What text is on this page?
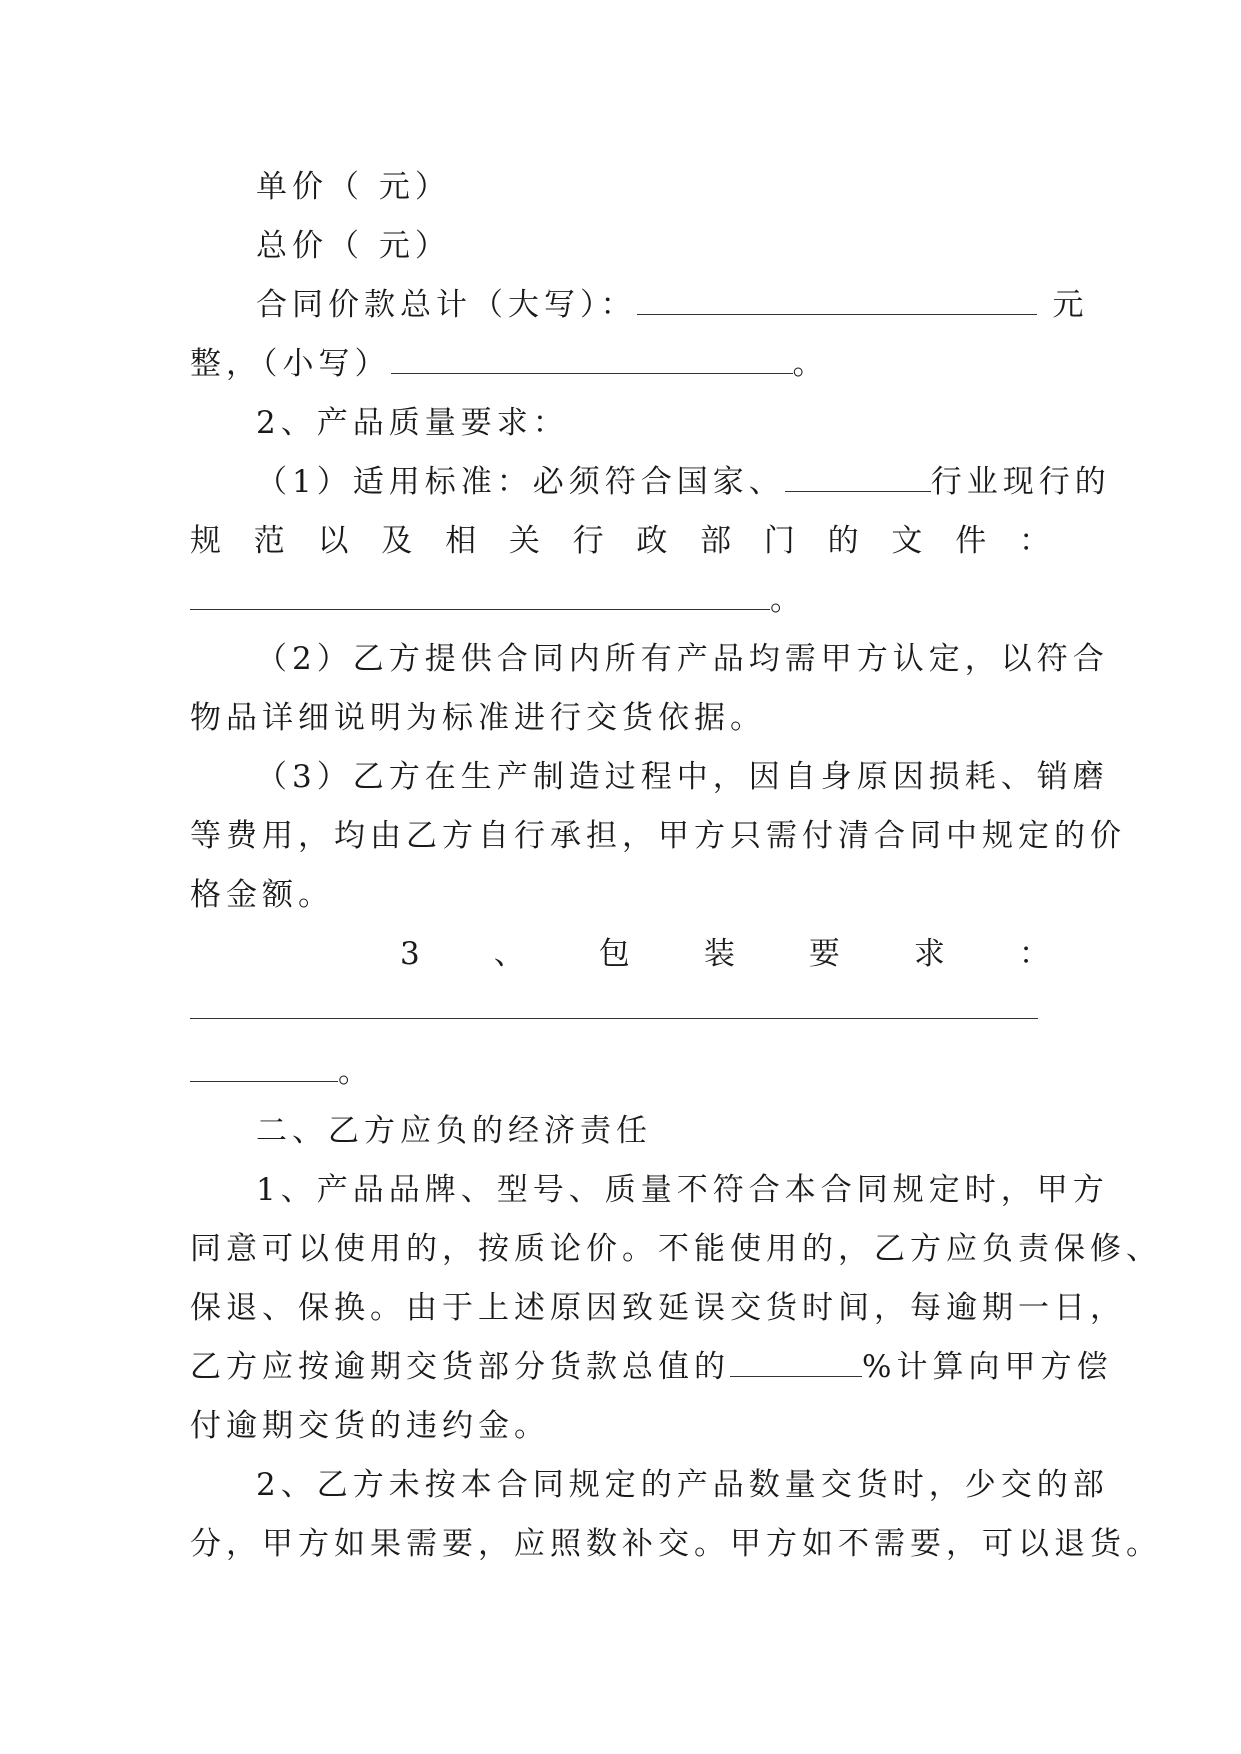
单价（ 元）
总价（ 元）
合同价款总计（大写）：	元
整，（小写）	。
2、产品质量要求：
（1）适用标准：必须符合国家、	行业现行的
规 范 以 及 相 关 行 政 部 门 的 文 件 ：
。
（2）乙方提供合同内所有产品均需甲方认定，以符合
物品详细说明为标准进行交货依据。
（3）乙方在生产制造过程中，因自身原因损耗、销磨
等费用，均由乙方自行承担，甲方只需付清合同中规定的价
格金额。
3 、 包 装 要 求 ：
。
二、乙方应负的经济责任
1、产品品牌、型号、质量不符合本合同规定时，甲方
同意可以使用的，按质论价。不能使用的，乙方应负责保修、
保退、保换。由于上述原因致延误交货时间，每逾期一日，
乙方应按逾期交货部分货款总值的	%计算向甲方偿
付逾期交货的违约金。
2、乙方未按本合同规定的产品数量交货时，少交的部
分，甲方如果需要，应照数补交。甲方如不需要，可以退货。
